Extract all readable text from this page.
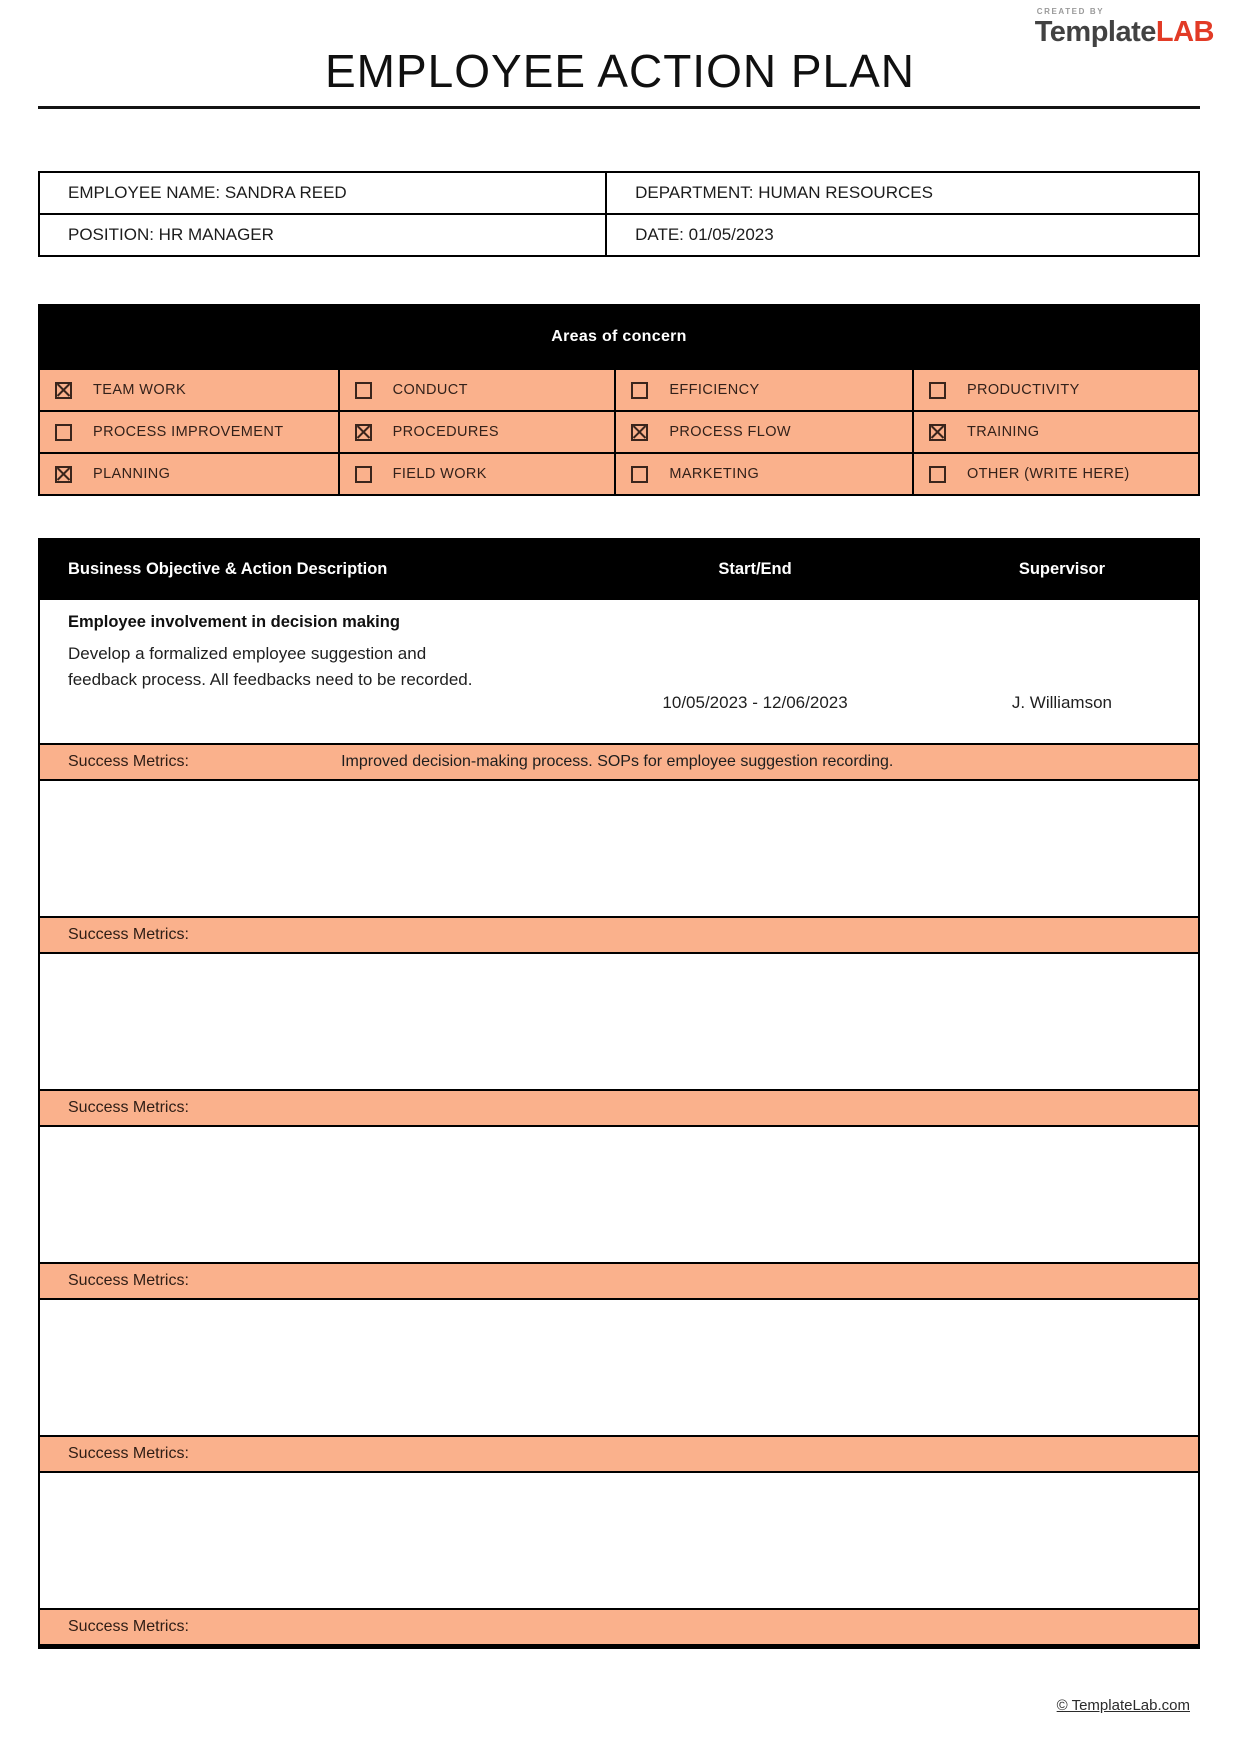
CREATED BY
TemplateLAB
EMPLOYEE ACTION PLAN
EMPLOYEE NAME: SANDRA REED	DEPARTMENT: HUMAN RESOURCES
POSITION: HR MANAGER	DATE: 01/05/2023
Areas of concern
TEAM WORK	CONDUCT	EFFICIENCY	PRODUCTIVITY
PROCESS IMPROVEMENT	PROCEDURES	PROCESS FLOW	TRAINING
PLANNING	FIELD WORK	MARKETING	OTHER (WRITE HERE)
Business Objective & Action Description	Start/End	Supervisor
Employee involvement in decision making
Develop a formalized employee suggestion and
feedback process. All feedbacks need to be recorded.
10/05/2023 - 12/06/2023	J. Williamson
Success Metrics:	Improved decision-making process. SOPs for employee suggestion recording.
Success Metrics:
Success Metrics:
Success Metrics:
Success Metrics:
Success Metrics:
© TemplateLab.com
